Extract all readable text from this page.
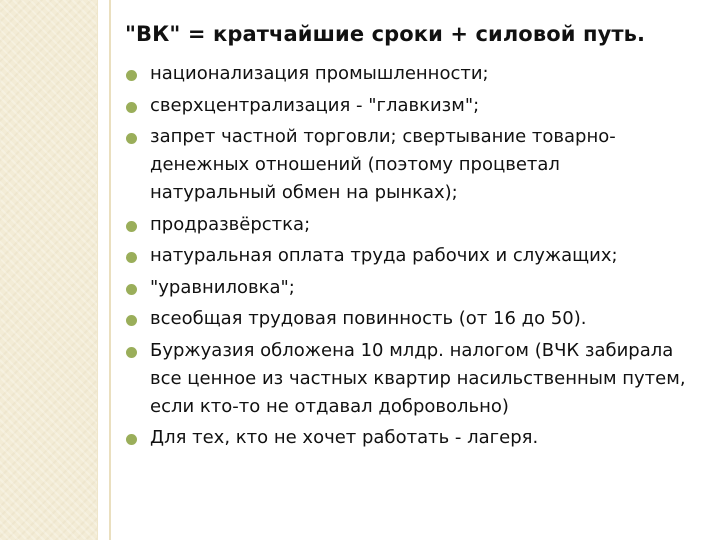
"ВК" = кратчайшие сроки + силовой путь.
национализация промышленности;
сверхцентрализация - "главкизм";
запрет частной торговли; свертывание товарно-денежных отношений (поэтому процветал натуральный обмен на рынках);
продразвёрстка;
натуральная оплата труда рабочих и служащих;
"уравниловка";
всеобщая трудовая повинность (от 16 до 50).
Буржуазия обложена 10 млдр. налогом (ВЧК забирала все ценное из частных квартир насильственным путем, если кто-то не отдавал добровольно)
Для тех, кто не хочет работать - лагеря.
